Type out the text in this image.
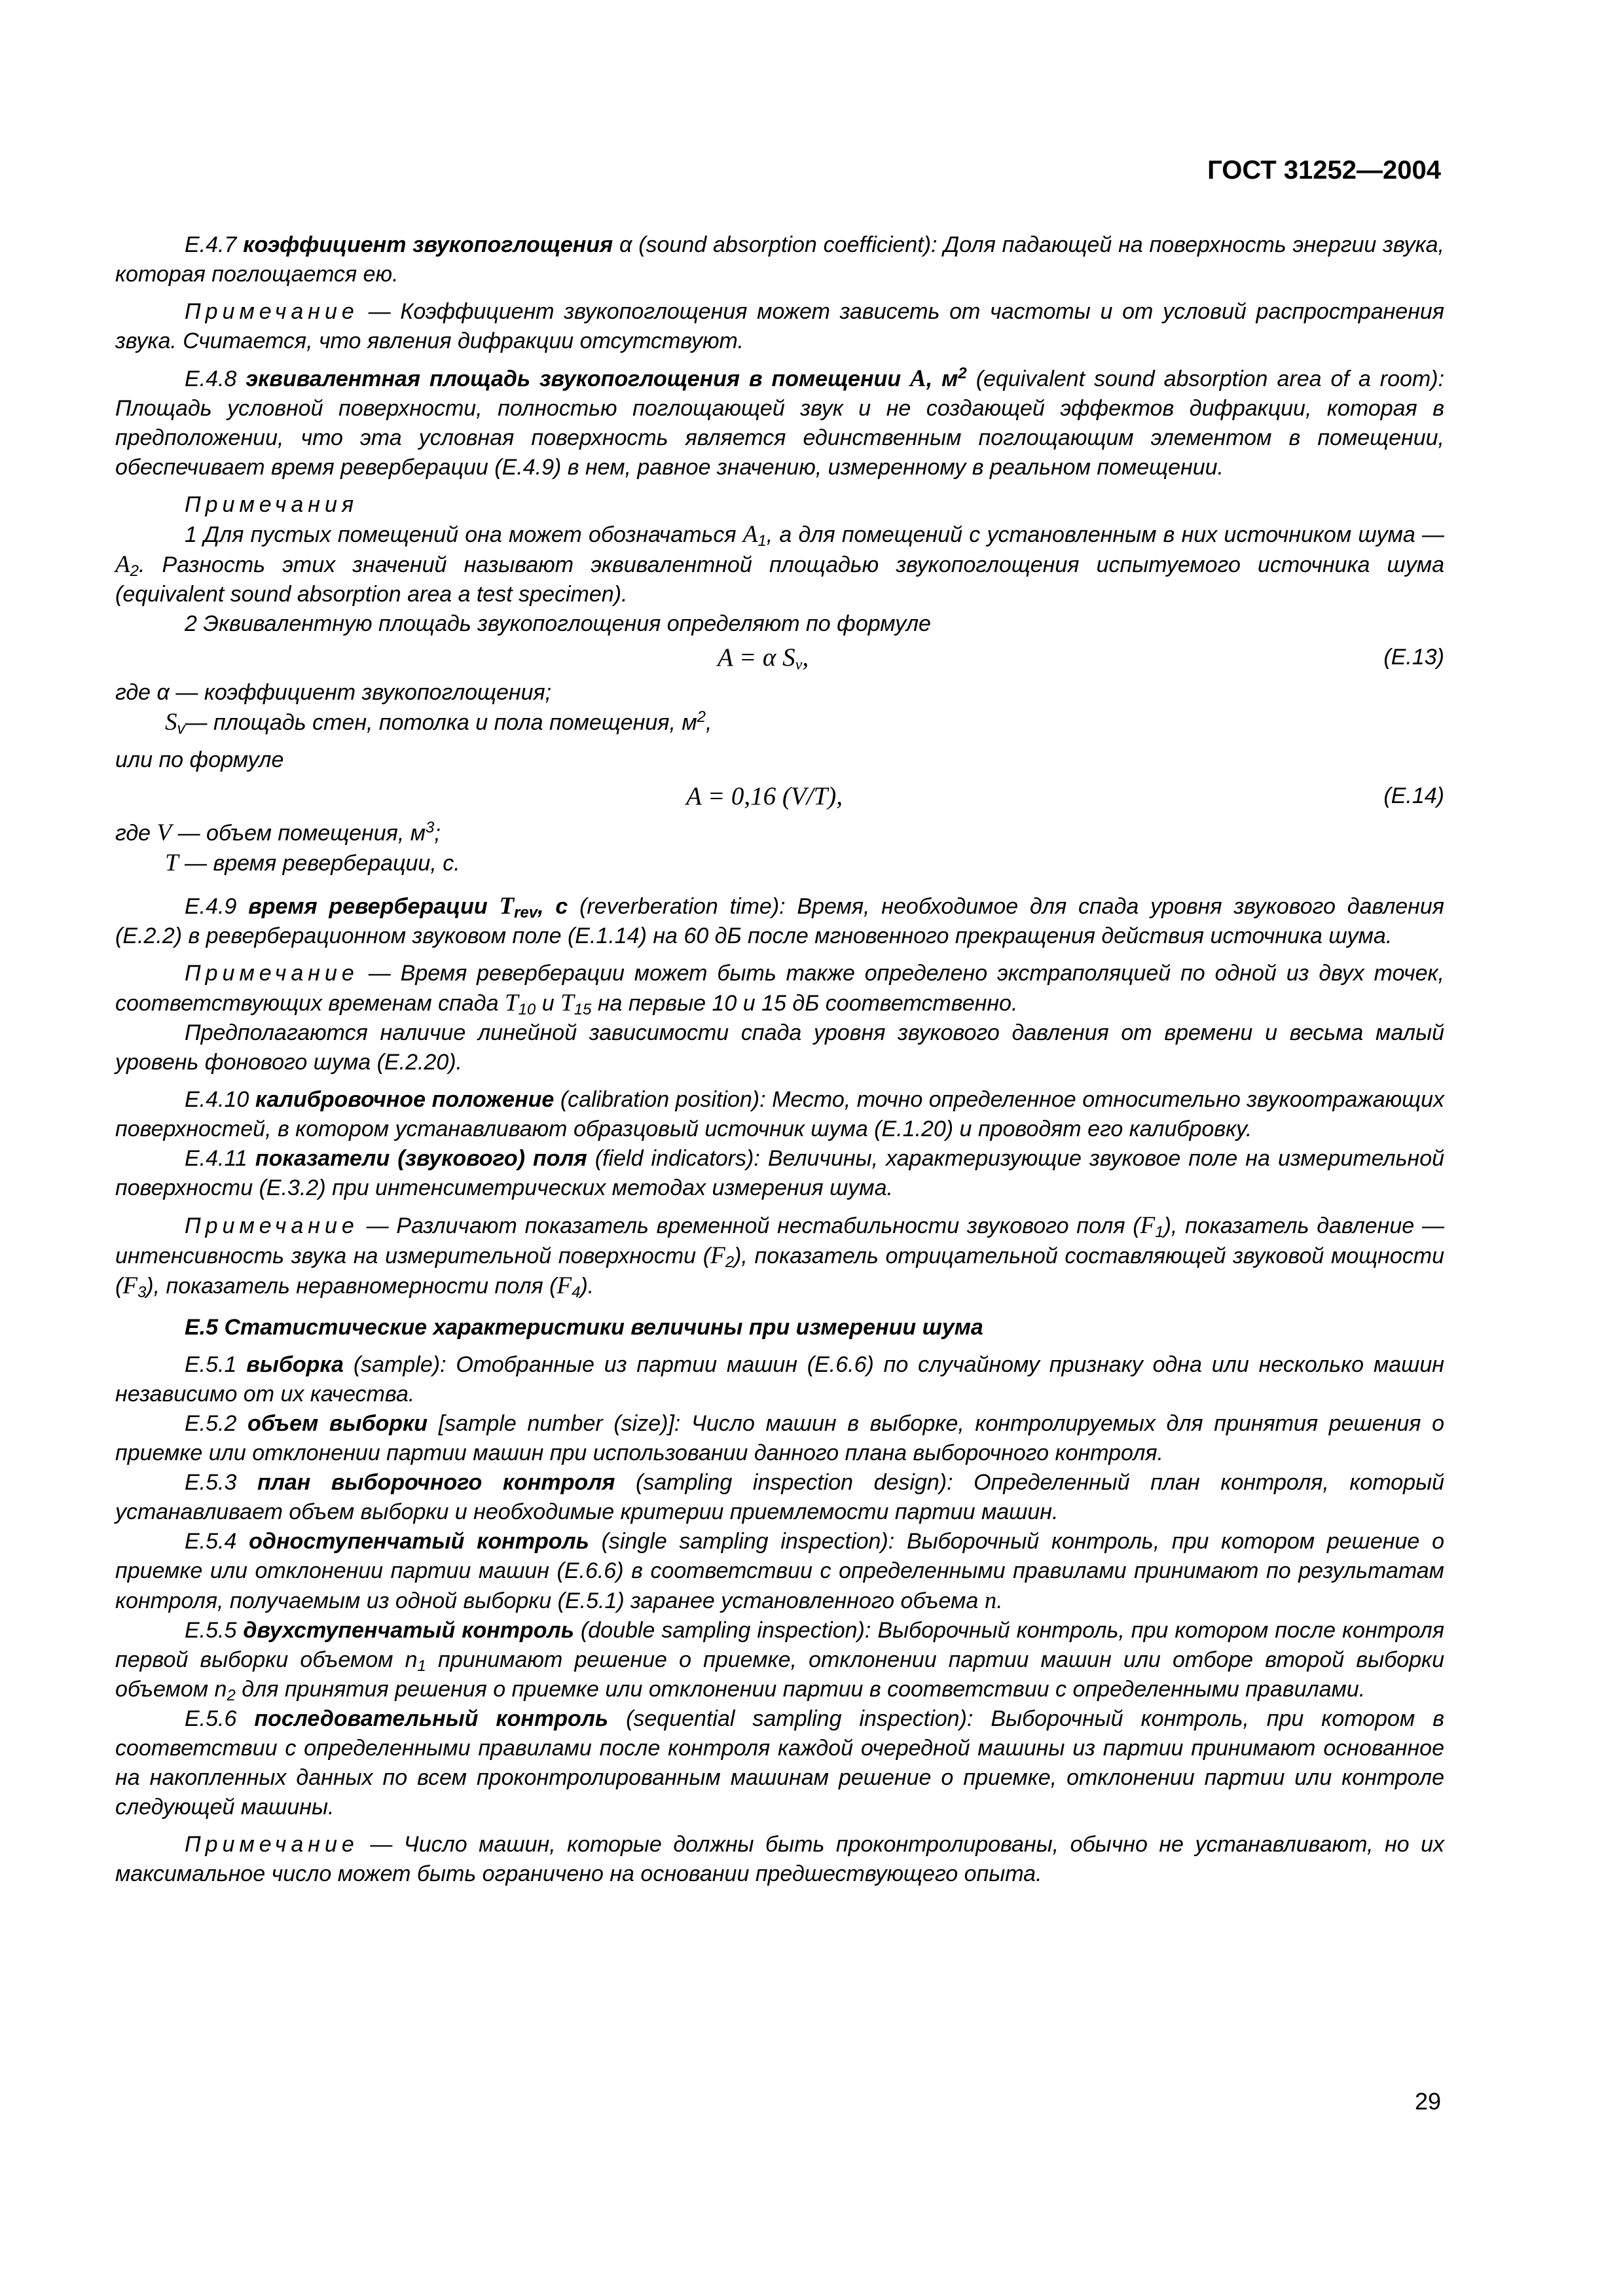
ГОСТ 31252—2004

Е.4.7 коэффициент звукопоглощения α (sound absorption coefficient): Доля падающей на поверхность энергии звука, которая поглощается ею.

Примечание — Коэффициент звукопоглощения может зависеть от частоты и от условий распространения звука. Считается, что явления дифракции отсутствуют.

Е.4.8 эквивалентная площадь звукопоглощения в помещении A, $м^2$ (equivalent sound absorption area of a room): Площадь условной поверхности, полностью поглощающей звук и не создающей эффектов дифракции, которая в предположении, что эта условная поверхность является единственным поглощающим элементом в помещении, обеспечивает время реверберации (Е.4.9) в нем, равное значению, измеренному в реальном помещении.

Примечания

1 Для пустых помещений она может обозначаться $A_1$, а для помещений с установленным в них источником шума — $A_2$. Разность этих значений называют эквивалентной площадью звукопоглощения испытуемого источника шума (equivalent sound absorption area a test specimen).

2 Эквивалентную площадь звукопоглощения определяют по формуле

A = α $S_v$,	(Е.13)

где α — коэффициент звукопоглощения;

$S_v—$ площадь стен, потолка и пола помещения, $м^2$,

или по формуле

A = 0,16 (V/T),	(Е.14)

где V — объем помещения, $м^3$;

T — время реверберации, с.

Е.4.9 время реверберации $T_{rev}$, с (reverberation time): Время, необходимое для спада уровня звукового давления (Е.2.2) в реверберационном звуковом поле (Е.1.14) на 60 дБ после мгновенного прекращения действия источника шума.

Примечание — Время реверберации может быть также определено экстраполяцией по одной из двух точек, соответствующих временам спада $T_{10}$ и $T_{15}$ на первые 10 и 15 дБ соответственно.

Предполагаются наличие линейной зависимости спада уровня звукового давления от времени и весьма малый уровень фонового шума (Е.2.20).

Е.4.10 калибровочное положение (calibration position): Место, точно определенное относительно звукоотражающих поверхностей, в котором устанавливают образцовый источник шума (Е.1.20) и проводят его калибровку.

Е.4.11 показатели (звукового) поля (field indicators): Величины, характеризующие звуковое поле на измерительной поверхности (Е.3.2) при интенсиметрических методах измерения шума.

Примечание — Различают показатель временной нестабильности звукового поля $(F_1)$, показатель давление — интенсивность звука на измерительной поверхности $(F_2)$, показатель отрицательной составляющей звуковой мощности $(F_3)$, показатель неравномерности поля $(F_4)$.

Е.5 Статистические характеристики величины при измерении шума

Е.5.1 выборка (sample): Отобранные из партии машин (Е.6.6) по случайному признаку одна или несколько машин независимо от их качества.

Е.5.2 объем выборки [sample number (size)]: Число машин в выборке, контролируемых для принятия решения о приемке или отклонении партии машин при использовании данного плана выборочного контроля.

Е.5.3 план выборочного контроля (sampling inspection design): Определенный план контроля, который устанавливает объем выборки и необходимые критерии приемлемости партии машин.

Е.5.4 одноступенчатый контроль (single sampling inspection): Выборочный контроль, при котором решение о приемке или отклонении партии машин (Е.6.6) в соответствии с определенными правилами принимают по результатам контроля, получаемым из одной выборки (Е.5.1) заранее установленного объема n.

Е.5.5 двухступенчатый контроль (double sampling inspection): Выборочный контроль, при котором после контроля первой выборки объемом $n_1$ принимают решение о приемке, отклонении партии машин или отборе второй выборки объемом $n_2$ для принятия решения о приемке или отклонении партии в соответствии с определенными правилами.

Е.5.6 последовательный контроль (sequential sampling inspection): Выборочный контроль, при котором в соответствии с определенными правилами после контроля каждой очередной машины из партии принимают основанное на накопленных данных по всем проконтролированным машинам решение о приемке, отклонении партии или контроле следующей машины.

Примечание — Число машин, которые должны быть проконтролированы, обычно не устанавливают, но их максимальное число может быть ограничено на основании предшествующего опыта.

29
